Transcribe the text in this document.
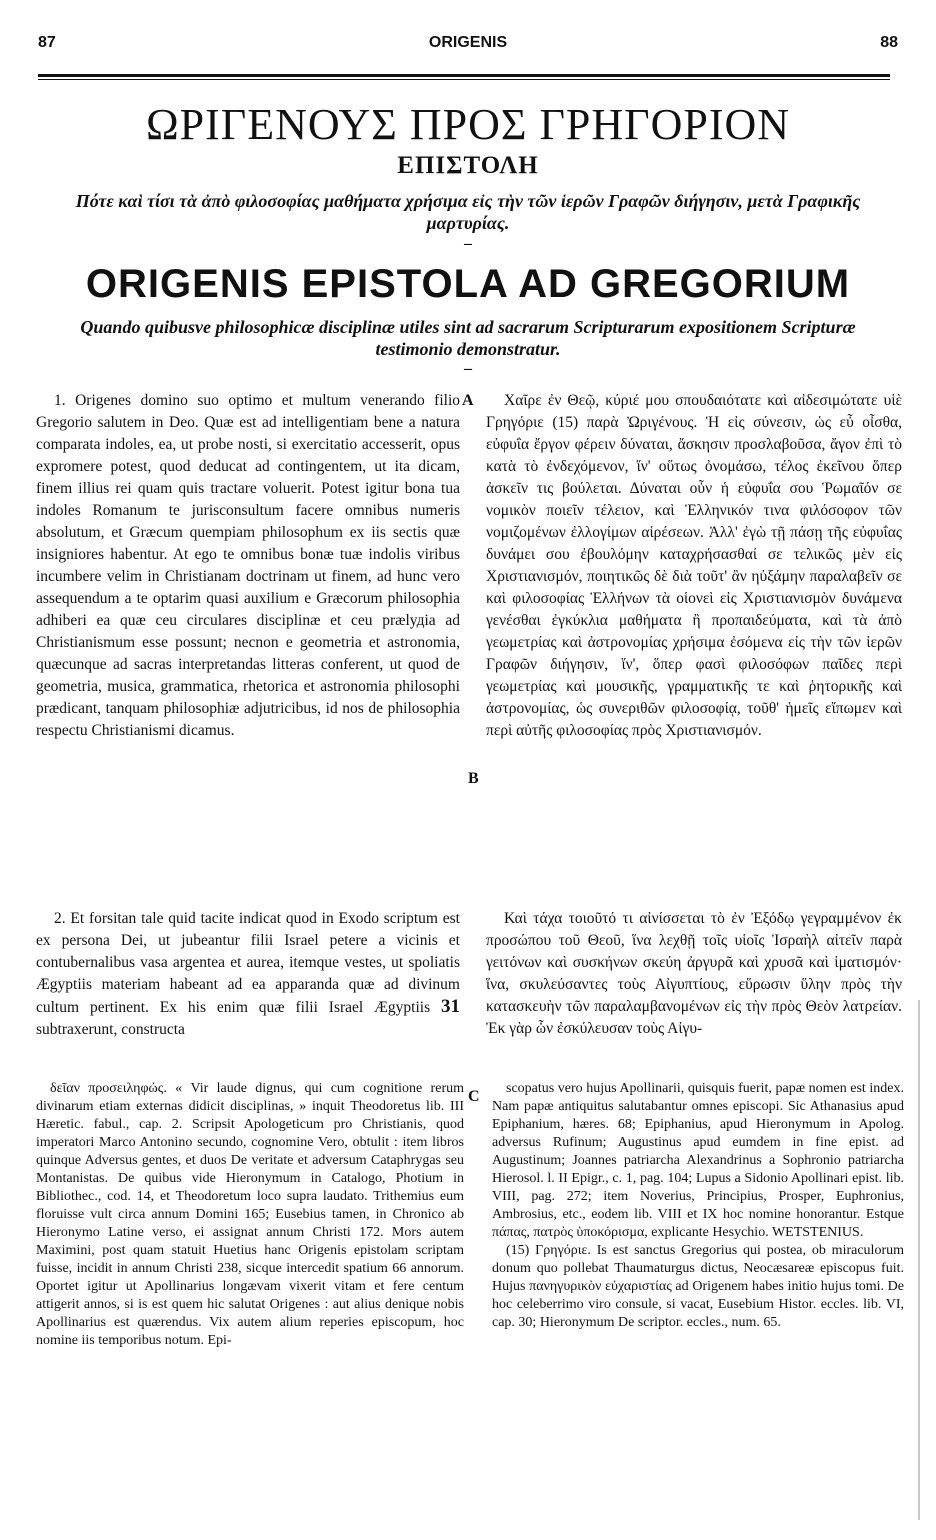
87	ORIGENIS	88
ΩΡΙΓΕΝΟΥΣ ΠΡΟΣ ΓΡΗΓΟΡΙΟΝ
ΕΠΙΣΤΟΛΗ
Πότε καὶ τίσι τὰ ἀπὸ φιλοσοφίας μαθήματα χρήσιμα εἰς τὴν τῶν ἱερῶν Γραφῶν διήγησιν, μετὰ Γραφικῆς μαρτυρίας.
–
ORIGENIS EPISTOLA AD GREGORIUM
Quando quibusve philosophicæ disciplinæ utiles sint ad sacrarum Scripturarum expositionem Scripturæ testimonio demonstratur.
–

1. Origenes domino suo optimo et multum venerando filio Gregorio salutem in Deo. Quæ est ad intelligentiam bene a natura comparata indoles, ea, ut probe nosti, si exercitatio accesserit, opus expromere potest, quod deducat ad contingentem, ut ita dicam, finem illius rei quam quis tractare voluerit. Potest igitur bona tua indoles Romanum te jurisconsultum facere omnibus numeris absolutum, et Græcum quempiam philosophum ex iis sectis quæ insigniores habentur. At ego te omnibus bonæ tuæ indolis viribus incumbere velim in Christianam doctrinam ut finem, ad hunc vero assequendum a te optarim quasi auxilium e Græcorum philosophia adhiberi ea quæ ceu circulares disciplinæ et ceu prælудia ad Christianismum esse possunt; necnon e geometria et astronomia, quæcunque ad sacras interpretandas litteras conferent, ut quod de geometria, musica, grammatica, rhetorica et astronomia philosophi prædicant, tanquam philosophiæ adjutricibus, id nos de philosophia respectu Christianismi dicamus.

Χαῖρε ἐν Θεῷ, κύριέ μου σπουδαιότατε καὶ αἰδεσιμώτατε υἱὲ Γρηγόριε (15) παρὰ Ὠριγένους. Ἡ εἰς σύνεσιν, ὡς εὖ οἶσθα, εὐφυΐα ἔργον φέρειν δύναται, ἄσκησιν προσλαβοῦσα, ἄγον ἐπὶ τὸ κατὰ τὸ ἐνδεχόμενον, ἵν' οὕτως ὀνομάσω, τέλος ἐκεῖνου ὅπερ ἀσκεῖν τις βούλεται. Δύναται οὖν ἡ εὐφυΐα σου Ῥωμαῖόν σε νομικὸν ποιεῖν τέλειον, καὶ Ἑλληνικόν τινα φιλόσοφον τῶν νομιζομένων ἐλλογίμων αἱρέσεων. Ἀλλ' ἐγὼ τῇ πάσῃ τῆς εὐφυΐας δυνάμει σου ἐβουλόμην καταχρήσασθαί σε τελικῶς μὲν εἰς Χριστιανισμόν, ποιητικῶς δὲ διὰ τοῦτ' ἂν ηὐξάμην παραλαβεῖν σε καὶ φιλοσοφίας Ἑλλήνων τὰ οἱονεὶ εἰς Χριστιανισμὸν δυνάμενα γενέσθαι ἐγκύκλια μαθήματα ἢ προπαιδεύματα, καὶ τὰ ἀπὸ γεωμετρίας καὶ ἀστρονομίας χρήσιμα ἐσόμενα εἰς τὴν τῶν ἱερῶν Γραφῶν διήγησιν, ἵν', ὅπερ φασὶ φιλοσόφων παῖδες περὶ γεωμετρίας καὶ μουσικῆς, γραμματικῆς τε καὶ ῥητορικῆς καὶ ἀστρονομίας, ὡς συνεριθῶν φιλοσοφίᾳ, τοῦθ' ἡμεῖς εἴπωμεν καὶ περὶ αὐτῆς φιλοσοφίας πρὸς Χριστιανισμόν.

A
B
C

2. Et forsitan tale quid tacite indicat quod in Exodo scriptum est ex persona Dei, ut jubeantur filii Israel petere a vicinis et contubernalibus vasa argentea et aurea, itemque vestes, ut spoliatis Ægyptiis materiam habeant ad ea apparanda quæ ad divinum cultum pertinent. Ex his enim quæ filii Israel Ægyptiis 31 subtraxerunt, constructa

Καὶ τάχα τοιοῦτό τι αἰνίσσεται τὸ ἐν Ἐξόδῳ γεγραμμένον ἐκ προσώπου τοῦ Θεοῦ, ἵνα λεχθῇ τοῖς υἱοῖς Ἰσραὴλ αἰτεῖν παρὰ γειτόνων καὶ συσκήνων σκεύη ἀργυρᾶ καὶ χρυσᾶ καὶ ἱματισμόν· ἵνα, σκυλεύσαντες τοὺς Αἰγυπτίους, εὕρωσιν ὕλην πρὸς τὴν κατασκευὴν τῶν παραλαμβανομένων εἰς τὴν πρὸς Θεὸν λατρείαν. Ἐκ γὰρ ὧν ἐσκύλευσαν τοὺς Αἰγυ-

δεῖαν προσειληφώς. « Vir laude dignus, qui cum cognitione rerum divinarum etiam externas didicit disciplinas, » inquit Theodoretus lib. III Hæretic. fabul., cap. 2. Scripsit Apologeticum pro Christianis, quod imperatori Marco Antonino secundo, cognomine Vero, obtulit : item libros quinque Adversus gentes, et duos De veritate et adversum Cataphrygas seu Montanistas. De quibus vide Hieronymum in Catalogo, Photium in Bibliothec., cod. 14, et Theodoretum loco supra laudato. Trithemius eum floruisse vult circa annum Domini 165; Eusebius tamen, in Chronico ab Hieronymo Latine verso, ei assignat annum Christi 172. Mors autem Maximini, post quam statuit Huetius hanc Origenis epistolam scriptam fuisse, incidit in annum Christi 238, sicque intercedit spatium 66 annorum. Oportet igitur ut Apollinarius longævam vixerit vitam et fere centum attigerit annos, si is est quem hic salutat Origenes : aut alius denique nobis Apollinarius est quærendus. Vix autem alium reperies episcopum, hoc nomine iis temporibus notum. Epi-

scopatus vero hujus Apollinarii, quisquis fuerit, papæ nomen est index. Nam papæ antiquitus salutabantur omnes episcopi. Sic Athanasius apud Epiphanium, hæres. 68; Epiphanius, apud Hieronymum in Apolog. adversus Rufinum; Augustinus apud eumdem in fine epist. ad Augustinum; Joannes patriarcha Alexandrinus a Sophronio patriarcha Hierosol. l. II Epigr., c. 1, pag. 104; Lupus a Sidonio Apollinari epist. lib. VIII, pag. 272; item Noverius, Principius, Prosper, Euphronius, Ambrosius, etc., eodem lib. VIII et IX hoc nomine honorantur. Estque πάπας, πατρὸς ὑποκόρισμα, explicante Hesychio. WETSTENIUS.

(15) Γρηγόριε. Is est sanctus Gregorius qui postea, ob miraculorum donum quo pollebat Thaumaturgus dictus, Neocæsareæ episcopus fuit. Hujus πανηγυρικὸν εὐχαριστίας ad Origenem habes initio hujus tomi. De hoc celeberrimo viro consule, si vacat, Eusebium Histor. eccles. lib. VI, cap. 30; Hieronymum De scriptor. eccles., num. 65.
